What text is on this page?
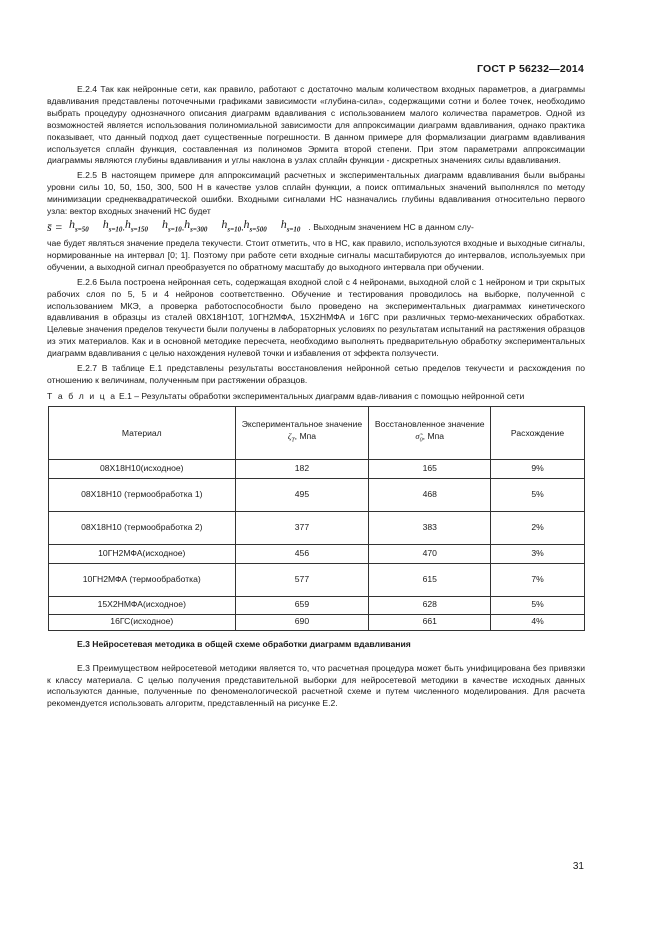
ГОСТ Р 56232—2014

Е.2.4 Так как нейронные сети, как правило, работают с достаточно малым количеством входных параметров, а диаграммы вдавливания представлены поточечными графиками зависимости «глубина-сила», содержащими сотни и более точек, необходимо выбрать процедуру однозначного описания диаграмм вдавливания с использованием малого количества параметров. Одной из возможностей является использования полиномиальной зависимости для аппроксимации диаграмм вдавливания, однако практика показывает, что данный подход дает существенные погрешности. В данном примере для формализации диаграмм вдавливания используется сплайн функция, составленная из полиномов Эрмита второй степени. При этом параметрами аппроксимации диаграммы являются глубины вдавливания и углы наклона в узлах сплайн функции - дискретных значениях силы вдавливания.

Е.2.5 В настоящем примере для аппроксимаций расчетных и экспериментальных диаграмм вдавливания были выбраны уровни силы 10, 50, 150, 300, 500 Н в качестве узлов сплайн функции, а поиск оптимальных значений выполнялся по методу минимизации среднеквадратической ошибки. Входными сигналами НС назначались глубины вдавливания относительно первого узла: вектор входных значений НС будет

s̄ = $h_{s=50}$ $h_{s=10}$ , $h_{s=150}$ $h_{s=10}$ , $h_{s=300}$ $h_{s=10}$ , $h_{s=500}$ $h_{s=10}$ . Выходным значением НС в данном слу-

чае будет являться значение предела текучести. Стоит отметить, что в НС, как правило, используются входные и выходные сигналы, нормированные на интервал [0; 1]. Поэтому при работе сети входные сигналы масштабируются до интервалов, используемых при обучении, а выходной сигнал преобразуется по обратному масштабу до выходного интервала при обучении.

Е.2.6 Была построена нейронная сеть, содержащая входной слой с 4 нейронами, выходной слой с 1 нейроном и три скрытых рабочих слоя по 5, 5 и 4 нейронов соответственно. Обучение и тестирования проводилось на выборке, полученной с использованием МКЭ, а проверка работоспособности было проведено на экспериментальных диаграммах кинетического вдавливания в образцы из сталей 08Х18Н10Т, 10ГН2МФА, 15Х2НМФА и 16ГС при различных термо-механических обработках. Целевые значения пределов текучести были получены в лабораторных условиях по результатам испытаний на растяжения образцов из этих материалов. Как и в основной методике пересчета, необходимо выполнять предварительную обработку экспериментальных диаграмм вдавливания с целью нахождения нулевой точки и избавления от эффекта ползучести.

Е.2.7 В таблице Е.1 представлены результаты восстановления нейронной сетью пределов текучести и расхождения по отношению к величинам, полученным при растяжении образцов.

Т а б л и ц а Е.1 – Результаты обработки экспериментальных диаграмм вдав-ливания с помощью нейронной сети
Материал	Экспериментальное значение $\zeta_T$, Мпа	Восстановленное значение $\sigmã_0$, Мпа	Расхождение
08Х18Н10(исходное)	182	165	9%
08Х18Н10 (термообработка 1)	495	468	5%
08Х18Н10 (термообработка 2)	377	383	2%
10ГН2МФА(исходное)	456	470	3%
10ГН2МФА (термообработка)	577	615	7%
15Х2НМФА(исходное)	659	628	5%
16ГС(исходное)	690	661	4%
Е.3 Нейросетевая методика в общей схеме обработки диаграмм вдавливания

Е.3 Преимуществом нейросетевой методики является то, что расчетная процедура может быть унифицирована без привязки к классу материала. С целью получения представительной выборки для нейросетевой методики в качестве исходных данных используются данные, полученные по феноменологической расчетной схеме и путем численного моделирования. Для расчета рекомендуется использовать алгоритм, представленный на рисунке Е.2.

31
